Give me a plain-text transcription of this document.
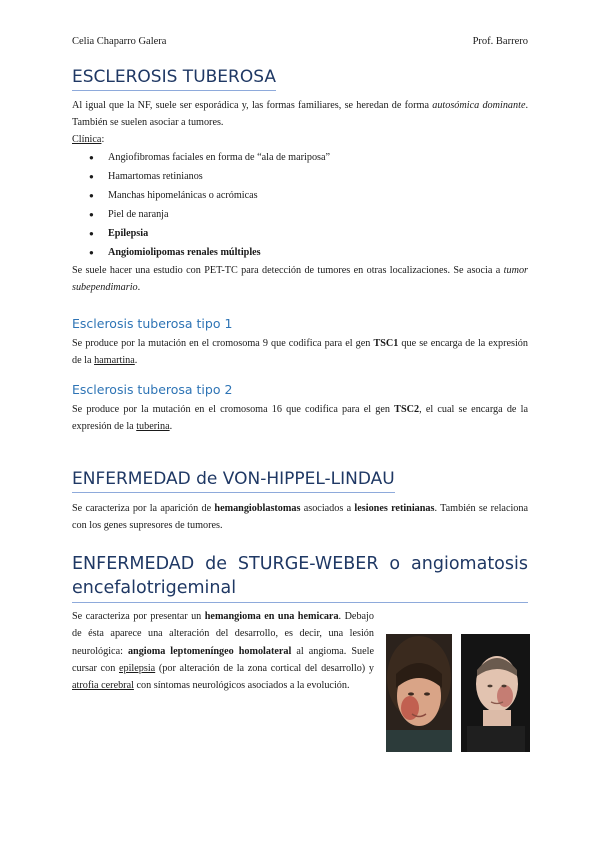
Celia Chaparro Galera	Prof. Barrero
ESCLEROSIS TUBEROSA

Al igual que la NF, suele ser esporádica y, las formas familiares, se heredan de forma autosómica dominante. También se suelen asociar a tumores.

Clínica:

● Angiofibromas faciales en forma de “ala de mariposa”
● Hamartomas retinianos
● Manchas hipomelánicas o acrómicas
● Piel de naranja
● Epilepsia
● Angiomiolipomas renales múltiples

Se suele hacer una estudio con PET-TC para detección de tumores en otras localizaciones. Se asocia a tumor subependimario.

Esclerosis tuberosa tipo 1

Se produce por la mutación en el cromosoma 9 que codifica para el gen TSC1 que se encarga de la expresión de la hamartina.

Esclerosis tuberosa tipo 2

Se produce por la mutación en el cromosoma 16 que codifica para el gen TSC2, el cual se encarga de la expresión de la tuberina.

ENFERMEDAD de VON-HIPPEL-LINDAU

Se caracteriza por la aparición de hemangioblastomas asociados a lesiones retinianas. También se relaciona con los genes supresores de tumores.

ENFERMEDAD de STURGE-WEBER o angiomatosis
encefalotrigeminal

Se caracteriza por presentar un hemangioma en una hemicara. Debajo de ésta aparece una alteración del desarrollo, es decir, una lesión neurológica: angioma leptomeníngeo homolateral al angioma. Suele cursar con epilepsia (por alteración de la zona cortical del desarrollo) y atrofia cerebral con síntomas neurológicos asociados a la evolución.
